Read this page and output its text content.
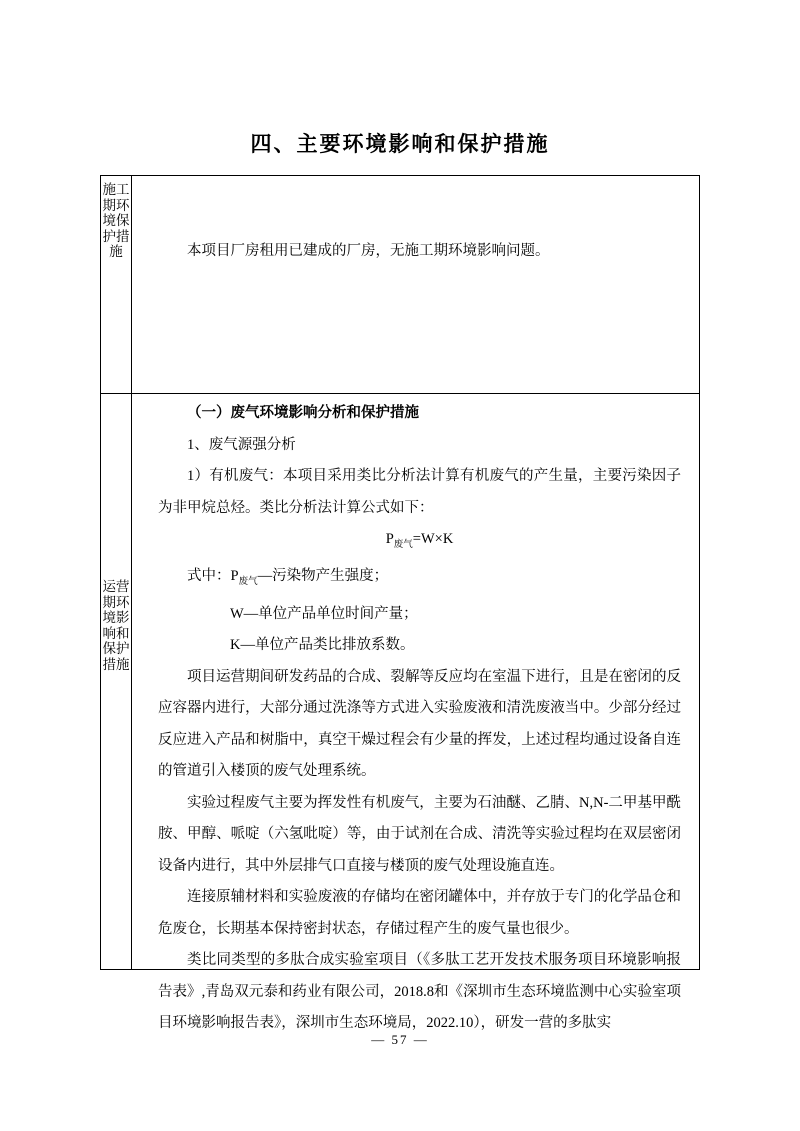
四、主要环境影响和保护措施
施工期环境保护措施	本项目厂房租用已建成的厂房，无施工期环境影响问题。

运营期环境影响和保护措施

（一）废气环境影响分析和保护措施

1、废气源强分析

1）有机废气：本项目采用类比分析法计算有机废气的产生量，主要污染因子为非甲烷总烃。类比分析法计算公式如下：

$P_{废气}=W\times K$

式中：$P_{废气}—$污染物产生强度；

W—单位产品单位时间产量；

K—单位产品类比排放系数。

项目运营期间研发药品的合成、裂解等反应均在室温下进行，且是在密闭的反应容器内进行，大部分通过洗涤等方式进入实验废液和清洗废液当中。少部分经过反应进入产品和树脂中，真空干燥过程会有少量的挥发，上述过程均通过设备自连的管道引入楼顶的废气处理系统。

实验过程废气主要为挥发性有机废气，主要为石油醚、乙腈、N,N-二甲基甲酰胺、甲醇、哌啶（六氢吡啶）等，由于试剂在合成、清洗等实验过程均在双层密闭设备内进行，其中外层排气口直接与楼顶的废气处理设施直连。

连接原辅材料和实验废液的存储均在密闭罐体中，并存放于专门的化学品仓和危废仓，长期基本保持密封状态，存储过程产生的废气量也很少。

类比同类型的多肽合成实验室项目（《多肽工艺开发技术服务项目环境影响报告表》,青岛双元泰和药业有限公司，2018.8和《深圳市生态环境监测中心实验室项目环境影响报告表》，深圳市生态环境局，2022.10），研发一营的多肽实

— 57 —
